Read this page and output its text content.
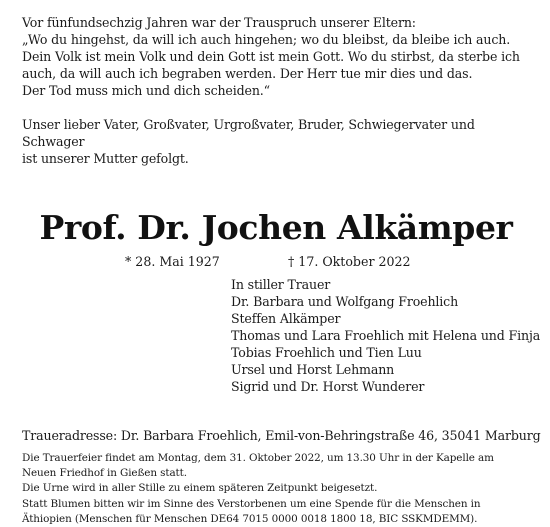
Vor fünfundsechzig Jahren war der Trauspruch unserer Eltern:

„Wo du hingehst, da will ich auch hingehen; wo du bleibst, da bleibe ich auch.

Dein Volk ist mein Volk und dein Gott ist mein Gott. Wo du stirbst, da sterbe ich

auch, da will auch ich begraben werden. Der Herr tue mir dies und das.

Der Tod muss mich und dich scheiden.“

Unser lieber Vater, Großvater, Urgroßvater, Bruder, Schwiegervater und Schwager

ist unserer Mutter gefolgt.

Prof. Dr. Jochen Alkämper
* 28. Mai 1927	† 17. Oktober 2022
In stiller Trauer
Dr. Barbara und Wolfgang Froehlich
Steffen Alkämper
Thomas und Lara Froehlich mit Helena und Finja
Tobias Froehlich und Tien Luu
Ursel und Horst Lehmann
Sigrid und Dr. Horst Wunderer
Traueradresse: Dr. Barbara Froehlich, Emil-von-Behringstraße 46, 35041 Marburg

Die Trauerfeier findet am Montag, dem 31. Oktober 2022, um 13.30 Uhr in der Kapelle am

Neuen Friedhof in Gießen statt.

Die Urne wird in aller Stille zu einem späteren Zeitpunkt beigesetzt.

Statt Blumen bitten wir im Sinne des Verstorbenen um eine Spende für die Menschen in

Äthiopien (Menschen für Menschen DE64 7015 0000 0018 1800 18, BIC SSKMDEMM).
